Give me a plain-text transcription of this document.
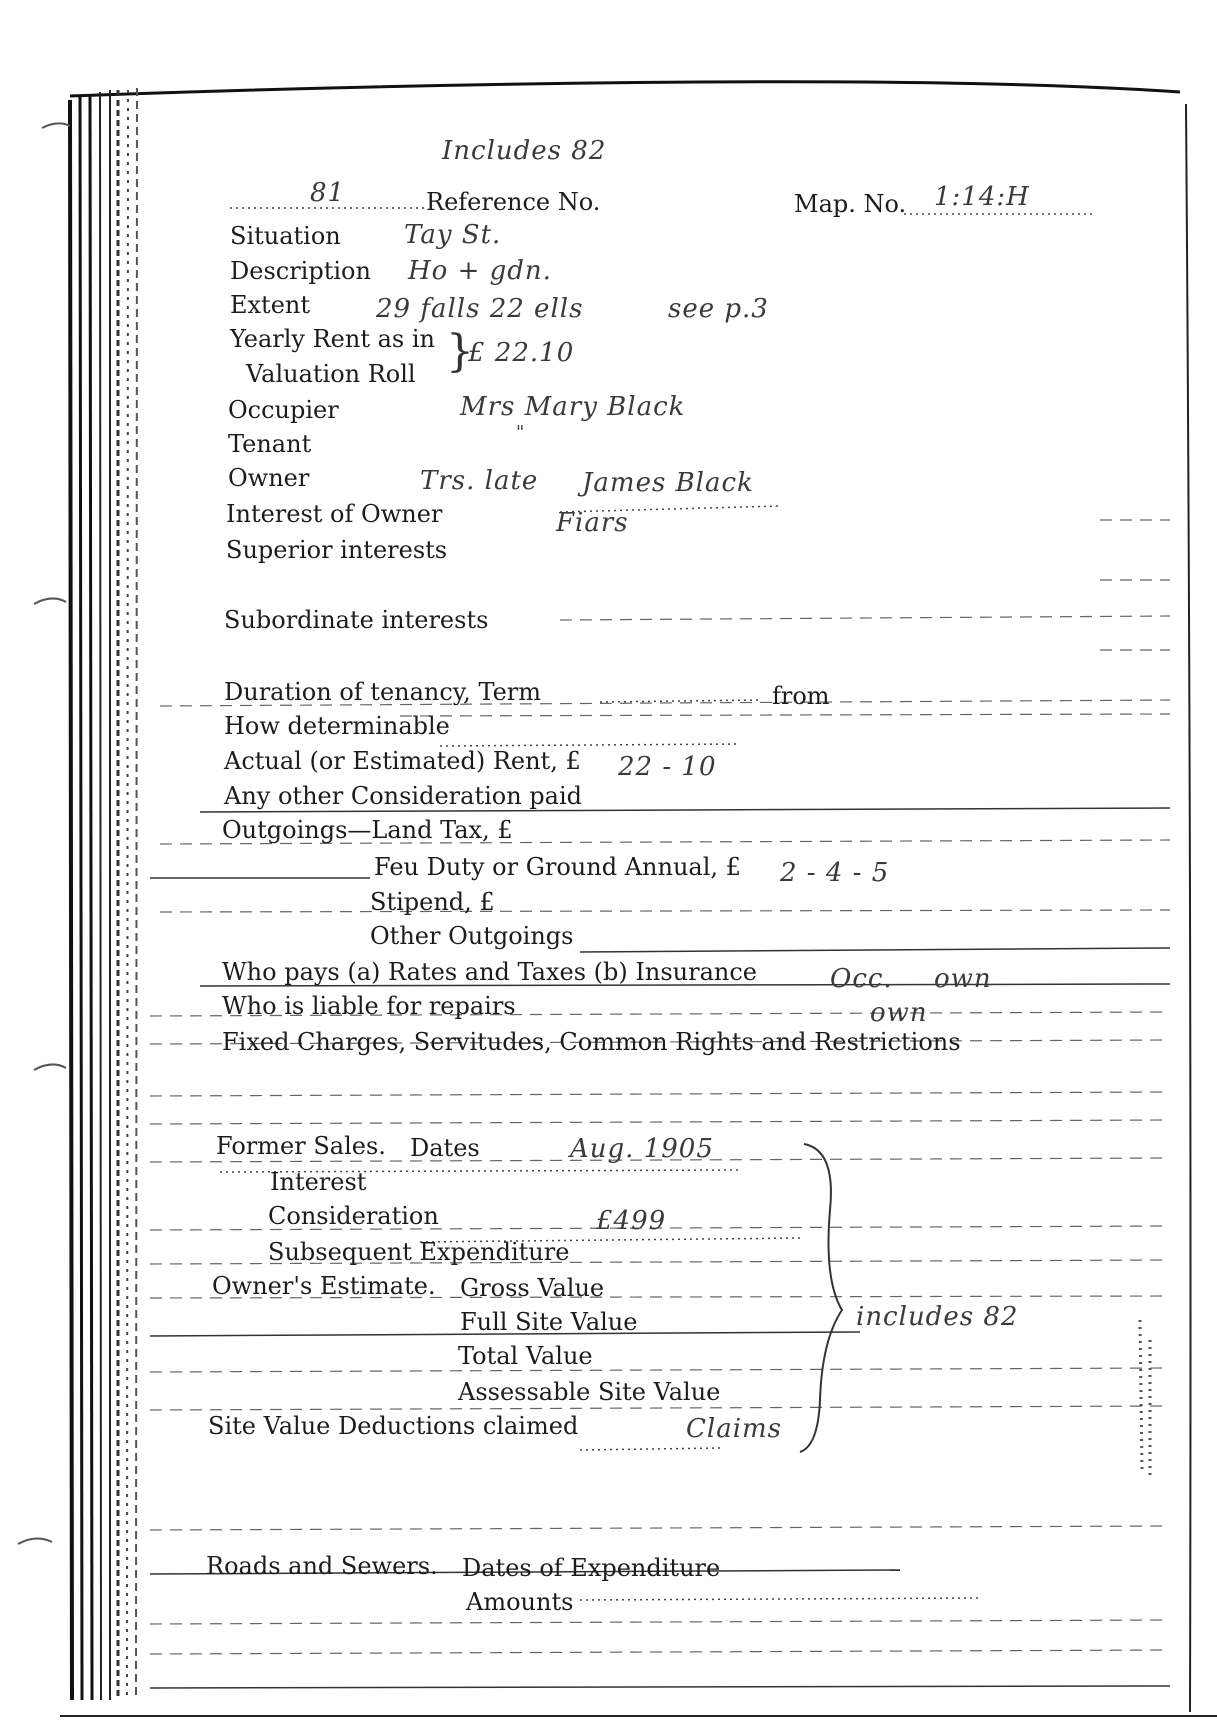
Includes 82
81	Reference No.	Map. No. 1:14:H
Situation Tay St.
Description Ho + gdn.
Extent	29 falls 22 ells	see p.3
Yearly Rent as in
Valuation Roll }
£ 22.10
Occupier	Mrs Mary Black
Tenant	"
Owner	Trs. late James Black
Interest of Owner	Fiars
Superior interests
Subordinate interests
Duration of tenancy, Term	from
How determinable
Actual (or Estimated) Rent, £ 22 - 10
Any other Consideration paid
Outgoings—Land Tax, £
Feu Duty or Ground Annual, £ 2 - 4 - 5
Stipend, £
Other Outgoings
Who pays (a) Rates and Taxes (b) Insurance	Occ. own
Who is liable for repairs	own
Fixed Charges, Servitudes, Common Rights and Restrictions
Former Sales. Dates	Aug. 1905
Interest
Consideration	£499
Subsequent Expenditure
Owner's Estimate. Gross Value
Full Site Value
Total Value
Assessable Site Value
Site Value Deductions claimed	Claims
includes 82
Roads and Sewers. Dates of Expenditure
Amounts
